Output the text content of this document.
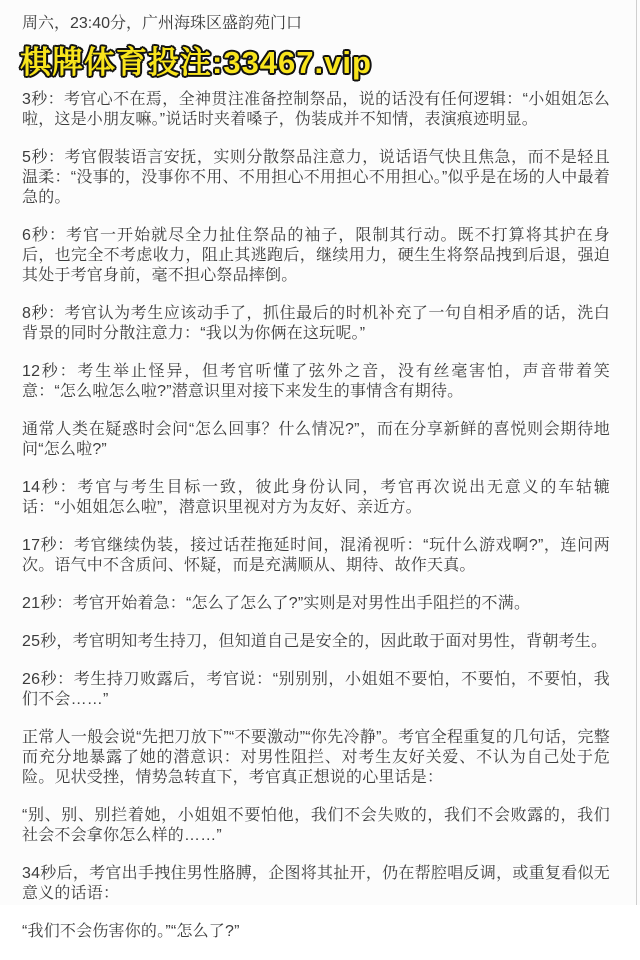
周六，23:40分，广州海珠区盛韵苑门口

棋牌体育投注:33467.vip

3秒：考官心不在焉，全神贯注准备控制祭品，说的话没有任何逻辑：“小姐姐怎么啦，这是小朋友嘛。”说话时夹着嗓子，伪装成并不知情，表演痕迹明显。

5秒：考官假装语言安抚，实则分散祭品注意力，说话语气快且焦急，而不是轻且温柔：“没事的，没事你不用、不用担心不用担心不用担心。”似乎是在场的人中最着急的。

6秒：考官一开始就尽全力扯住祭品的袖子，限制其行动。既不打算将其护在身后，也完全不考虑收力，阻止其逃跑后，继续用力，硬生生将祭品拽到后退，强迫其处于考官身前，毫不担心祭品摔倒。

8秒：考官认为考生应该动手了，抓住最后的时机补充了一句自相矛盾的话，洗白背景的同时分散注意力：“我以为你俩在这玩呢。”

12秒：考生举止怪异，但考官听懂了弦外之音，没有丝毫害怕，声音带着笑意：“怎么啦怎么啦?”潜意识里对接下来发生的事情含有期待。

通常人类在疑惑时会问“怎么回事？什么情况?”，而在分享新鲜的喜悦则会期待地问“怎么啦?”

14秒：考官与考生目标一致，彼此身份认同，考官再次说出无意义的车轱辘话：“小姐姐怎么啦”，潜意识里视对方为友好、亲近方。

17秒：考官继续伪装，接过话茬拖延时间，混淆视听：“玩什么游戏啊?”，连问两次。语气中不含质问、怀疑，而是充满顺从、期待、故作天真。

21秒：考官开始着急：“怎么了怎么了?”实则是对男性出手阻拦的不满。

25秒，考官明知考生持刀，但知道自己是安全的，因此敢于面对男性，背朝考生。

26秒：考生持刀败露后，考官说：“别别别，小姐姐不要怕，不要怕，不要怕，我们不会……”

正常人一般会说“先把刀放下”“不要激动”“你先冷静”。考官全程重复的几句话，完整而充分地暴露了她的潜意识：对男性阻拦、对考生友好关爱、不认为自己处于危险。见状受挫，情势急转直下，考官真正想说的心里话是：

“别、别、别拦着她，小姐姐不要怕他，我们不会失败的，我们不会败露的，我们社会不会拿你怎么样的……”

34秒后，考官出手拽住男性胳膊，企图将其扯开，仍在帮腔唱反调，或重复看似无意义的话语：

“我们不会伤害你的。”“怎么了?”
